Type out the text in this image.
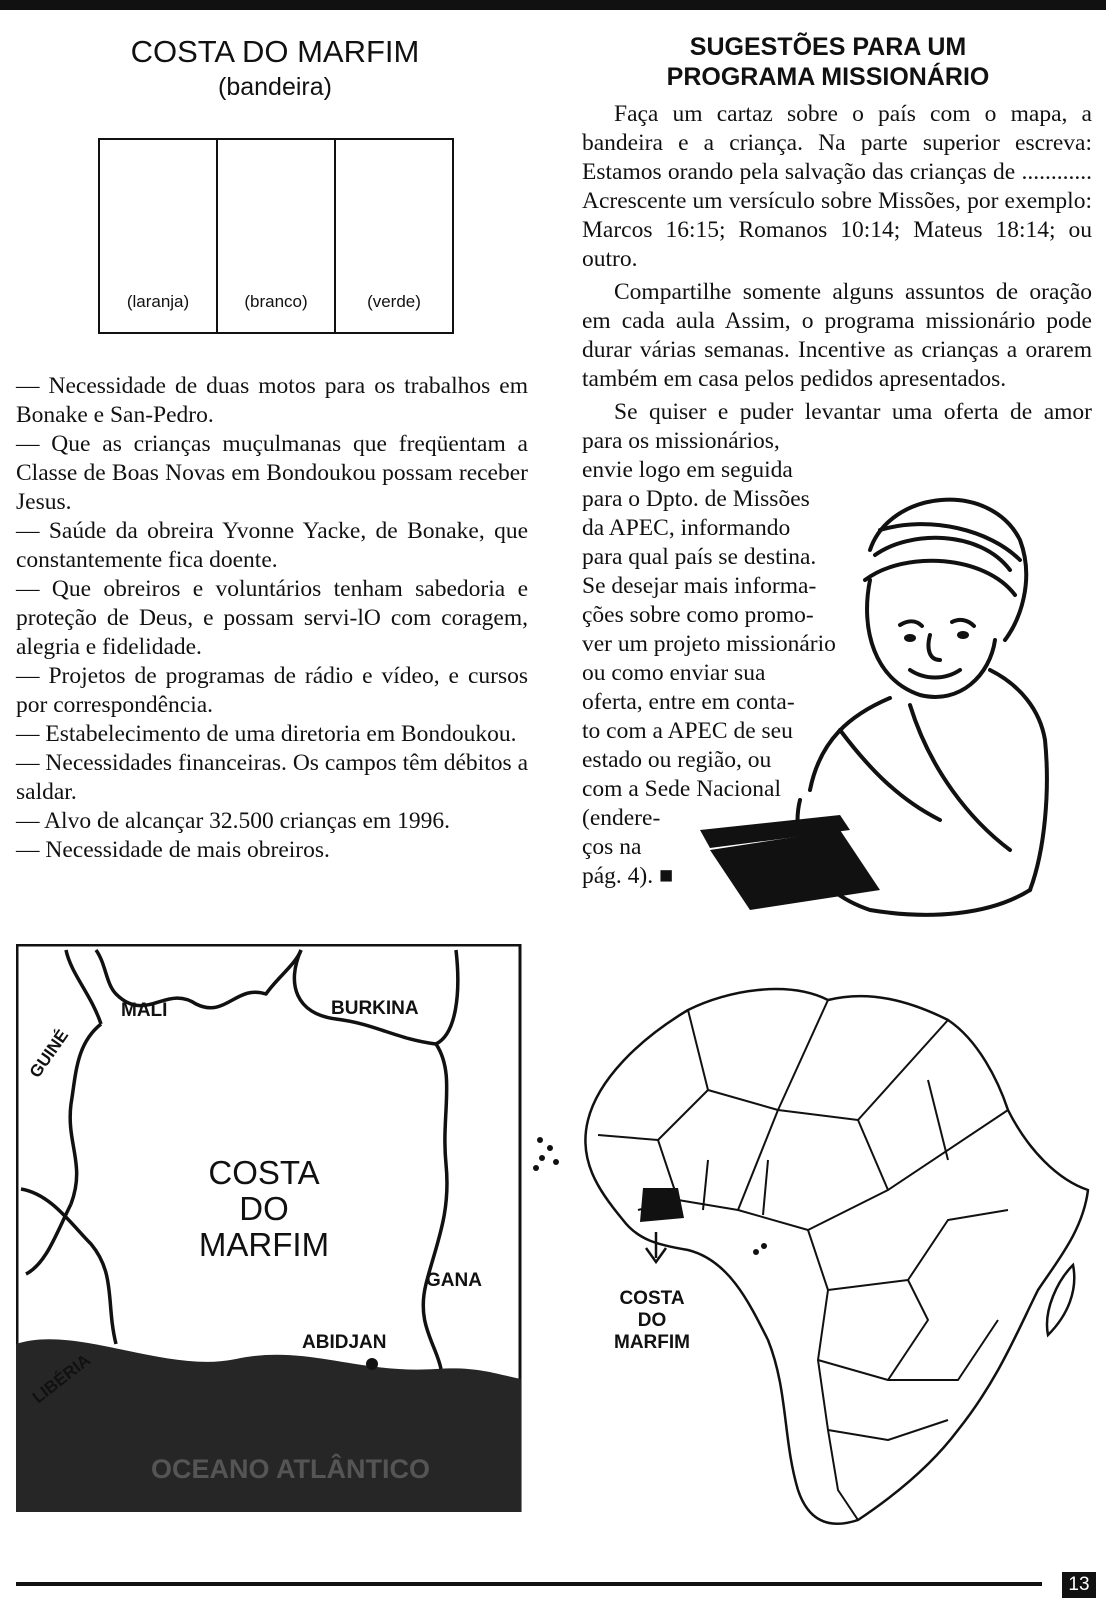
COSTA DO MARFIM
(bandeira)
(laranja)	(branco)	(verde)

— Necessidade de duas motos para os trabalhos em Bonake e San-Pedro.

— Que as crianças muçulmanas que freqüentam a Classe de Boas Novas em Bondoukou possam receber Jesus.

— Saúde da obreira Yvonne Yacke, de Bonake, que constantemente fica doente.

— Que obreiros e voluntários tenham sabedoria e proteção de Deus, e possam servi-lO com coragem, alegria e fidelidade.

— Projetos de programas de rádio e vídeo, e cursos por correspondência.

— Estabelecimento de uma diretoria em Bondoukou.

— Necessidades financeiras. Os campos têm débitos a saldar.

— Alvo de alcançar 32.500 crianças em 1996.

— Necessidade de mais obreiros.

SUGESTÕES PARA UM
PROGRAMA MISSIONÁRIO

Faça um cartaz sobre o país com o mapa, a bandeira e a criança. Na parte superior escreva: Estamos orando pela salvação das crianças de ............ Acrescente um versículo sobre Missões, por exemplo: Marcos 16:15; Romanos 10:14; Mateus 18:14; ou outro.

Compartilhe somente alguns assuntos de oração em cada aula Assim, o programa missionário pode durar várias semanas. Incentive as crianças a orarem também em casa pelos pedidos apresentados.

Se quiser e puder levantar uma oferta de amor para os missionários,

envie logo em seguida
para o Dpto. de Missões
da APEC, informando
para qual país se destina.
Se desejar mais informa-
ções sobre como promo-
ver um projeto missionário
ou como enviar sua
oferta, entre em conta-
to com a APEC de seu
estado ou região, ou
com a Sede Nacional
(endere-
ços na
pág. 4). ■
MALI	BURKINA
GUINÉ
COSTA
DO
MARFIM
GANA
ABIDJAN
LIBÉRIA
OCEANO ATLÂNTICO
COSTA
DO
MARFIM
13
